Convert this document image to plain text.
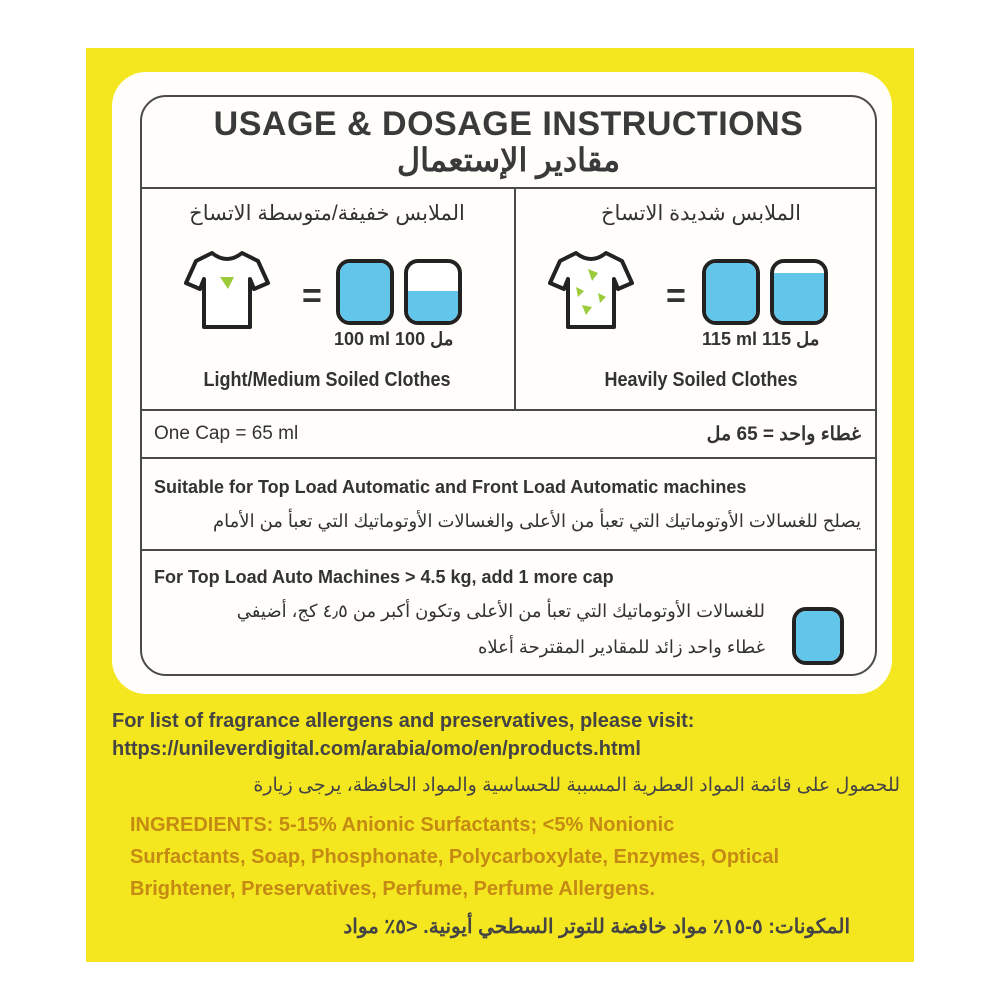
USAGE & DOSAGE INSTRUCTIONS
مقادير الإستعمال
الملابس خفيفة/متوسطة الاتساخ
=
100 ml مل 100
Light/Medium Soiled Clothes
الملابس شديدة الاتساخ
=
115 ml مل 115
Heavily Soiled Clothes
One Cap = 65 ml	غطاء واحد = 65 مل
Suitable for Top Load Automatic and Front Load Automatic machines
يصلح للغسالات الأوتوماتيك التي تعبأ من الأعلى والغسالات الأوتوماتيك التي تعبأ من الأمام
For Top Load Auto Machines > 4.5 kg, add 1 more cap
للغسالات الأوتوماتيك التي تعبأ من الأعلى وتكون أكبر من ٤٫٥ كج، أضيفي
غطاء واحد زائد للمقادير المقترحة أعلاه
For list of fragrance allergens and preservatives, please visit:
https://unileverdigital.com/arabia/omo/en/products.html
للحصول على قائمة المواد العطرية المسببة للحساسية والمواد الحافظة، يرجى زيارة
INGREDIENTS: 5-15% Anionic Surfactants; <5% Nonionic
Surfactants, Soap, Phosphonate, Polycarboxylate, Enzymes, Optical
Brightener, Preservatives, Perfume, Perfume Allergens.
المكونات: ٥-١٥٪ مواد خافضة للتوتر السطحي أيونية. <٥٪ مواد
